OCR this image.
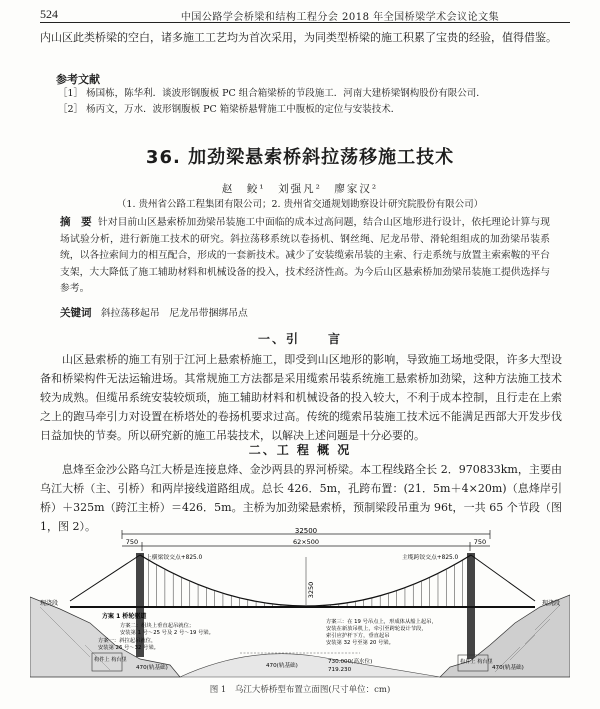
524	中国公路学会桥梁和结构工程分会 2018 年全国桥梁学术会议论文集
内山区此类桥梁的空白，诸多施工工艺均为首次采用，为同类型桥梁的施工积累了宝贵的经验，值得借鉴。
参考文献
［1］ 杨国栋，陈华利．谈波形钢腹板 PC 组合箱梁桥的节段施工．河南大建桥梁钢构股份有限公司．
［2］ 杨丙文，万水．波形钢腹板 PC 箱梁桥悬臂施工中腹板的定位与安装技术．
36. 加劲梁悬索桥斜拉荡移施工技术
赵　鲛¹　刘强凡²　廖家汉²
（1. 贵州省公路工程集团有限公司；2. 贵州省交通规划勘察设计研究院股份有限公司）
摘　要 针对目前山区悬索桥加劲梁吊装施工中面临的成本过高问题，结合山区地形进行设计，依托理论计算与现场试验分析，进行新施工技术的研究。斜拉荡移系统以卷扬机、钢丝绳、尼龙吊带、滑轮组组成的加劲梁吊装系统，以各拉索间力的相互配合，形成的一套新技术。减少了安装缆索吊装的主索、行走系统与放置主索索鞍的平台支架，大大降低了施工辅助材料和机械设备的投入，技术经济性高。为今后山区悬索桥加劲梁吊装施工提供选择与参考。
关键词 斜拉荡移起吊　尼龙吊带捆绑吊点
一、引　　言
山区悬索桥的施工有别于江河上悬索桥施工，即受到山区地形的影响，导致施工场地受限，许多大型设备和桥梁构件无法运输进场。其常规施工方法都是采用缆索吊装系统施工悬索桥加劲梁，这种方法施工技术较为成熟。但缆吊系统安装较烦琐，施工辅助材料和机械设备的投入较大，不利于成本控制，且行走在上索之上的跑马牵引力对设置在桥塔处的卷扬机要求过高。传统的缆索吊装施工技术远不能满足西部大开发步伐日益加快的节奏。所以研究新的施工吊装技术，以解决上述问题是十分必要的。
二、工 程 概 况
息烽至金沙公路乌江大桥是连接息烽、金沙两县的界河桥梁。本工程线路全长 2．970833km，主要由乌江大桥（主、引桥）和两岸接线道路组成。总长 426．5m，孔跨布置：(21．5m＋4×20m)（息烽岸引桥）＋325m（跨江主桥）＝426．5m。主桥为加劲梁悬索桥，预制梁段吊重为 96t，一共 65 个节段（图 1，图 2）。	32500
750	62×500	750
3250
上横梁铰交点+825.0	主缆跨铰交点+825.0
现浇段	现浇段
方案 1 桥轮驱道
方案二：组块上垂直起吊就位；
安装第 1 号～25 号及 2 号～19 号梁。
方案一：斜拉起吊就位，
安装第 26 号～32 号梁。
方案三：在 19 号吊点上，形成体从船上起吊，
安装在新放吊机上，牵引至跨轮设计节段，
索引应护杆下方，垂直起吊
安装第 32 号至第 20 号梁。
构件上 构台里
470(轨基础)	470(轨基础)
730.000(高水位)
719.230
构件上 构台里
470(轨基础)
图 1　乌江大桥桥型布置立面图(尺寸单位：cm)
